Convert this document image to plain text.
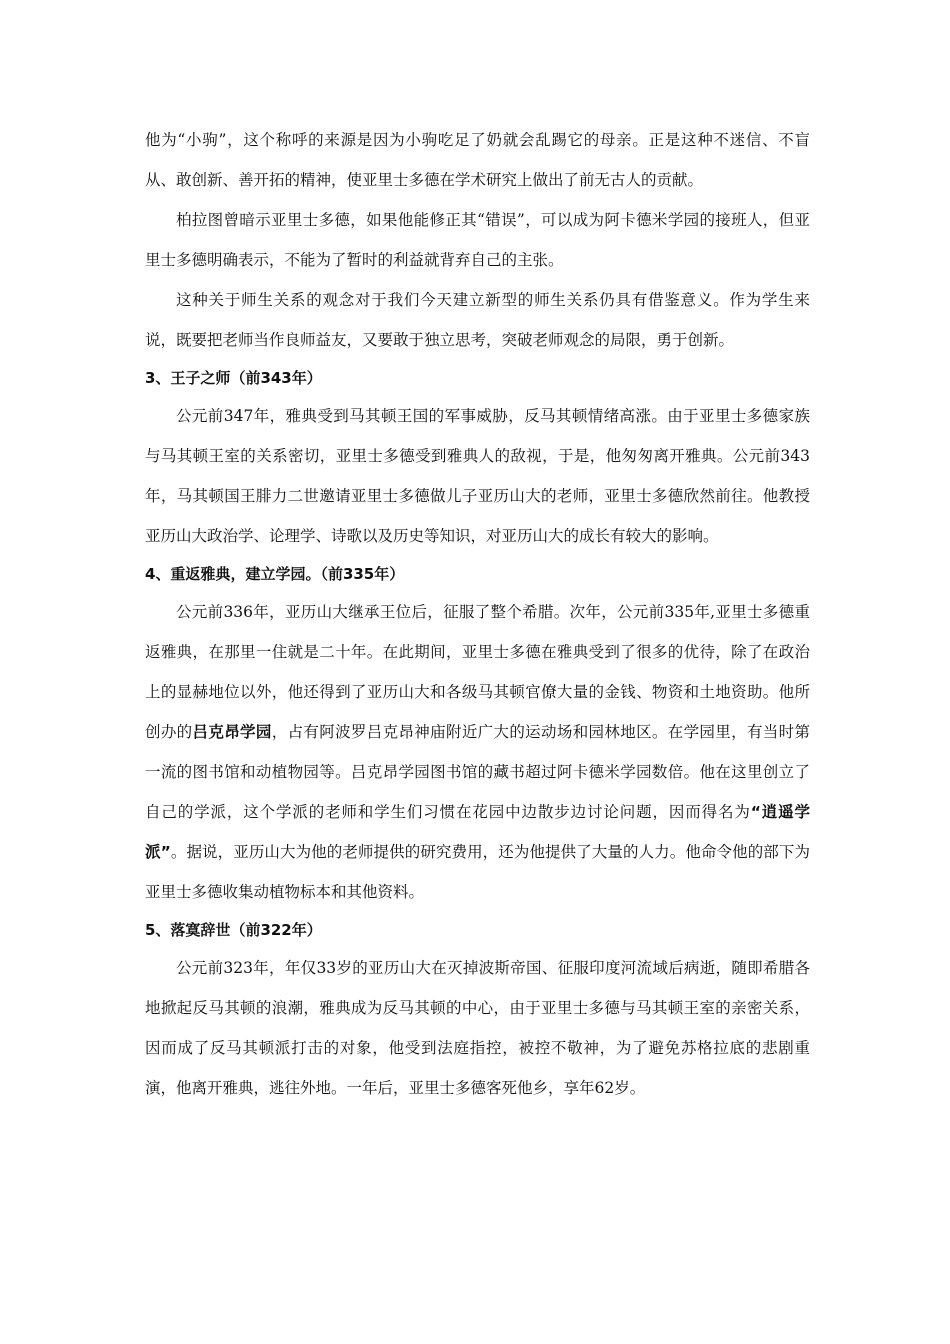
他为“小驹”，这个称呼的来源是因为小驹吃足了奶就会乱踢它的母亲。正是这种不迷信、不盲从、敢创新、善开拓的精神，使亚里士多德在学术研究上做出了前无古人的贡献。

柏拉图曾暗示亚里士多德，如果他能修正其“错误”，可以成为阿卡德米学园的接班人，但亚里士多德明确表示，不能为了暂时的利益就背弃自己的主张。

这种关于师生关系的观念对于我们今天建立新型的师生关系仍具有借鉴意义。作为学生来说，既要把老师当作良师益友，又要敢于独立思考，突破老师观念的局限，勇于创新。

3、王子之师（前343年）

公元前347年，雅典受到马其顿王国的军事威胁，反马其顿情绪高涨。由于亚里士多德家族与马其顿王室的关系密切，亚里士多德受到雅典人的敌视，于是，他匆匆离开雅典。公元前343年，马其顿国王腓力二世邀请亚里士多德做儿子亚历山大的老师，亚里士多德欣然前往。他教授亚历山大政治学、论理学、诗歌以及历史等知识，对亚历山大的成长有较大的影响。

4、重返雅典，建立学园。（前335年）

公元前336年，亚历山大继承王位后，征服了整个希腊。次年，公元前335年,亚里士多德重返雅典，在那里一住就是二十年。在此期间，亚里士多德在雅典受到了很多的优待，除了在政治上的显赫地位以外，他还得到了亚历山大和各级马其顿官僚大量的金钱、物资和土地资助。他所创办的吕克昂学园，占有阿波罗吕克昂神庙附近广大的运动场和园林地区。在学园里，有当时第一流的图书馆和动植物园等。吕克昂学园图书馆的藏书超过阿卡德米学园数倍。他在这里创立了自己的学派，这个学派的老师和学生们习惯在花园中边散步边讨论问题，因而得名为“逍遥学派”。据说，亚历山大为他的老师提供的研究费用，还为他提供了大量的人力。他命令他的部下为亚里士多德收集动植物标本和其他资料。

5、落寞辞世（前322年）

公元前323年，年仅33岁的亚历山大在灭掉波斯帝国、征服印度河流域后病逝，随即希腊各地掀起反马其顿的浪潮，雅典成为反马其顿的中心，由于亚里士多德与马其顿王室的亲密关系，因而成了反马其顿派打击的对象，他受到法庭指控，被控不敬神，为了避免苏格拉底的悲剧重演，他离开雅典，逃往外地。一年后，亚里士多德客死他乡，享年62岁。
